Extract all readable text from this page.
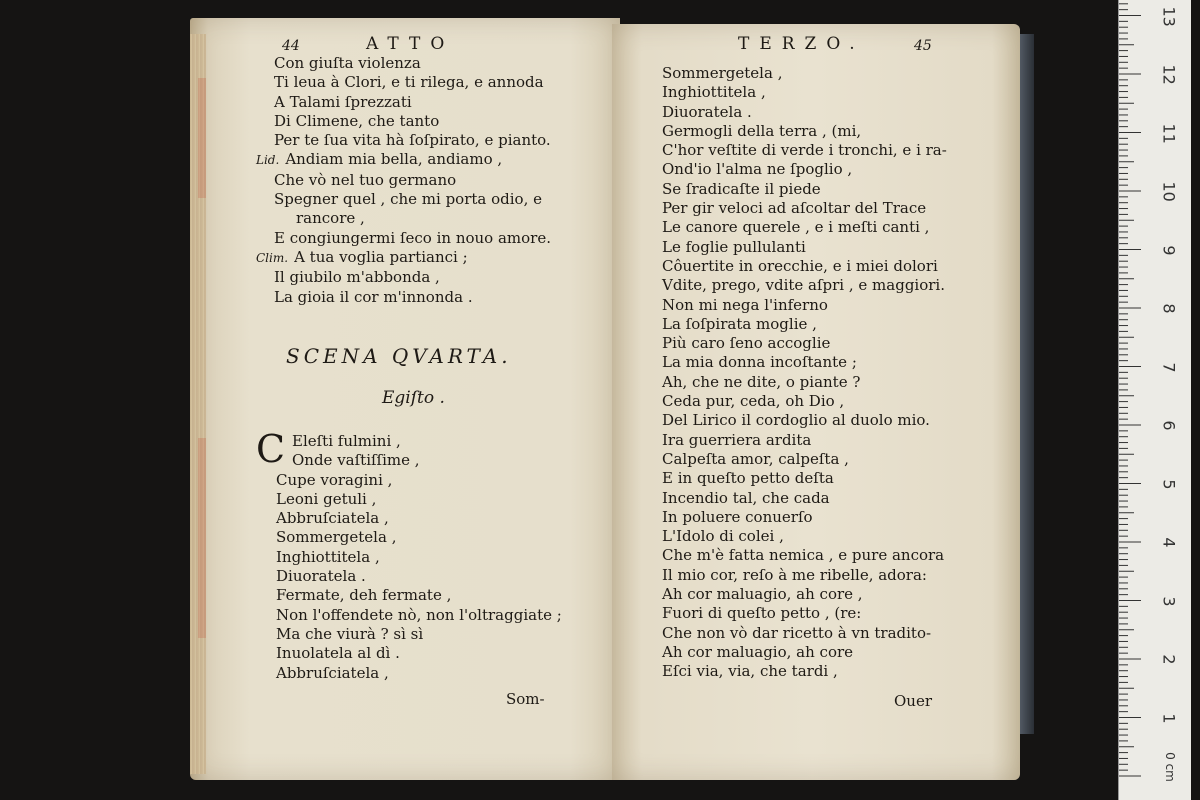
44	ATTO
Con giuſta violenza
Ti leua à Clori, e ti rilega, e annoda
A Talami ſprezzati
Di Climene, che tanto
Per te ſua vita hà ſoſpirato, e pianto.
Lid. Andiam mia bella, andiamo ,
Che vò nel tuo germano
Spegner quel , che mi porta odio, e
rancore ,
E congiungermi ſeco in nouo amore.
Clim. A tua voglia partianci ;
Il giubilo m'abbonda ,
La gioia il cor m'innonda .
SCENA QVARTA.
Egiſto .
C Eleſti fulmini ,
Onde vaſtiſſime ,
Cupe voragini ,
Leoni getuli ,
Abbruſciatela ,
Sommergetela ,
Inghiottitela ,
Diuoratela .
Fermate, deh fermate ,
Non l'offendete nò, non l'oltraggiate ;
Ma che viurà ? sì sì
Inuolatela al dì .
Abbruſciatela ,
Som-
TERZO.	45
Sommergetela ,
Inghiottitela ,
Diuoratela .
Germogli della terra , (mi,
C'hor veſtite di verde i tronchi, e i ra-
Ond'io l'alma ne ſpoglio ,
Se ſradicaſte il piede
Per gir veloci ad aſcoltar del Trace
Le canore querele , e i meſti canti ,
Le foglie pullulanti
Côuertite in orecchie, e i miei dolori
Vdite, prego, vdite aſpri , e maggiori.
Non mi nega l'inferno
La ſoſpirata moglie ,
Più caro ſeno accoglie
La mia donna incoſtante ;
Ah, che ne dite, o piante ?
Ceda pur, ceda, oh Dio ,
Del Lirico il cordoglio al duolo mio.
Ira guerriera ardita
Calpeſta amor, calpeſta ,
E in queſto petto deſta
Incendio tal, che cada
In poluere conuerſo
L'Idolo di colei ,
Che m'è fatta nemica , e pure ancora
Il mio cor, reſo à me ribelle, adora:
Ah cor maluagio, ah core ,
Fuori di queſto petto , (re:
Che non vò dar ricetto à vn tradito-
Ah cor maluagio, ah core
Eſci via, via, che tardi ,
Ouer
13
12
11
10
9
8
7
6
5
4
3
2
1
0 cm
